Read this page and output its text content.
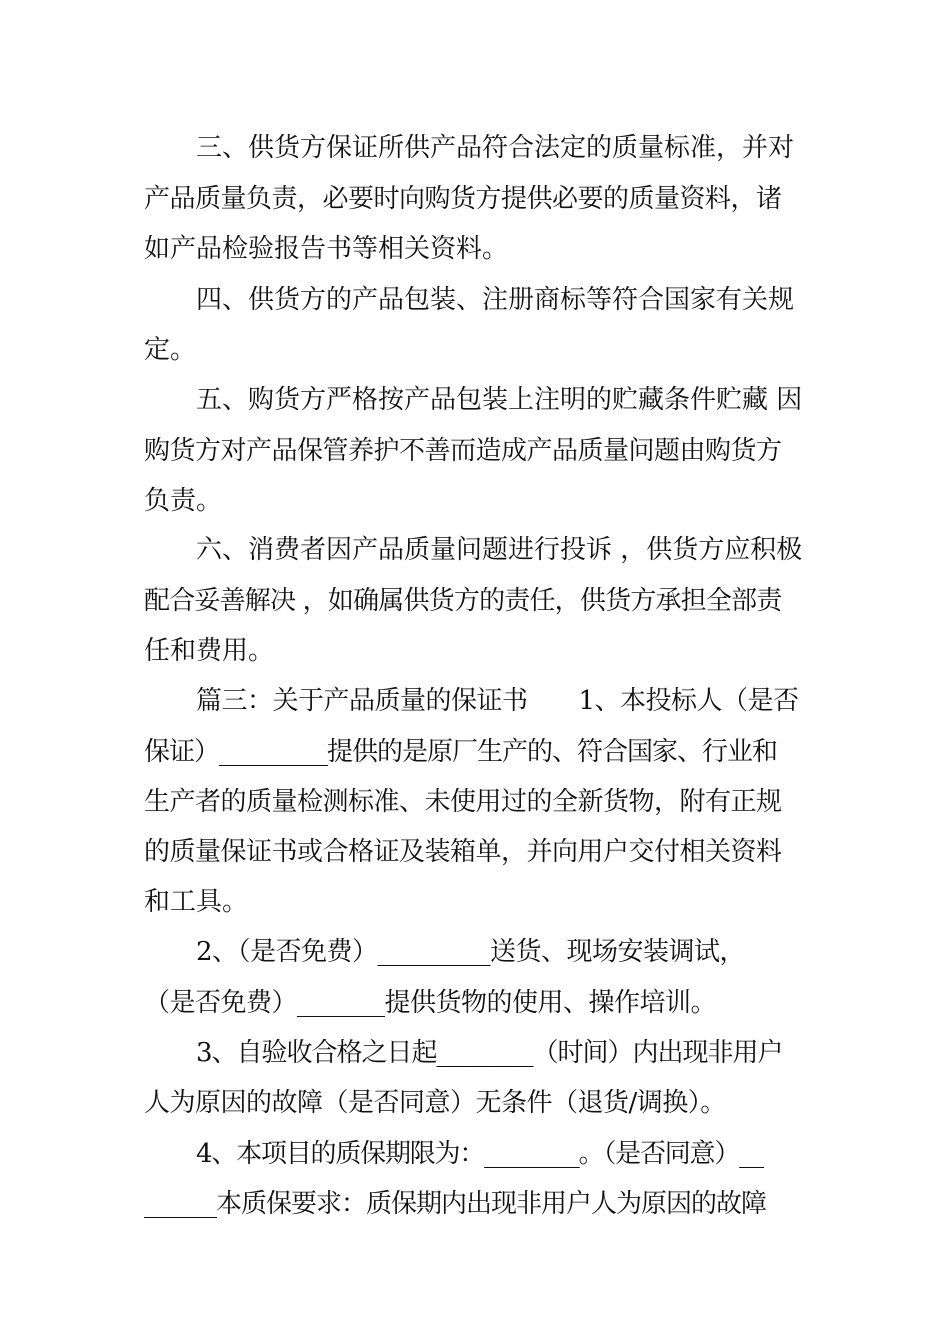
三、供货方保证所供产品符合法定的质量标准，并对
产品质量负责，必要时向购货方提供必要的质量资料，诸
如产品检验报告书等相关资料。
四、供货方的产品包装、注册商标等符合国家有关规
定。
五、购货方严格按产品包装上注明的贮藏条件贮藏 因
购货方对产品保管养护不善而造成产品质量问题由购货方
负责。
六、消费者因产品质量问题进行投诉 ，供货方应积极
配合妥善解决 ，如确属供货方的责任，供货方承担全部责
任和费用。
篇三：关于产品质量的保证书　　1、本投标人（是否
保证）_________提供的是原厂生产的、符合国家、行业和
生产者的质量检测标准、未使用过的全新货物，附有正规
的质量保证书或合格证及装箱单，并向用户交付相关资料
和工具。
2、（是否免费）_________送货、现场安装调试，
（是否免费）_______提供货物的使用、操作培训。
3、自验收合格之日起________（时间）内出现非用户
人为原因的故障（是否同意）无条件（退货/调换）。
4、本项目的质保期限为：________。（是否同意）__
______本质保要求：质保期内出现非用户人为原因的故障
